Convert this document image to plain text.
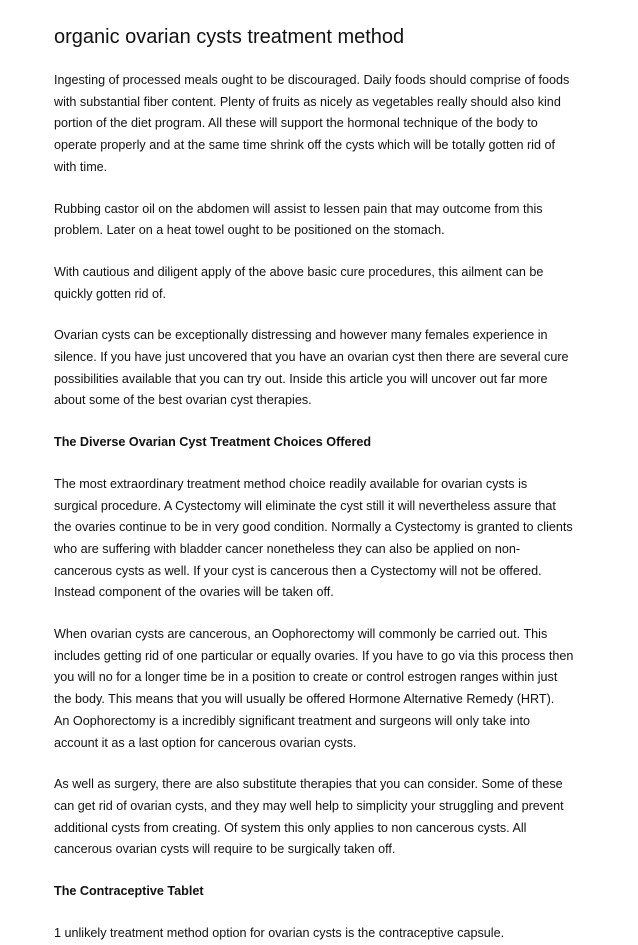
organic ovarian cysts treatment method

Ingesting of processed meals ought to be discouraged. Daily foods should comprise of foods
with substantial fiber content. Plenty of fruits as nicely as vegetables really should also kind
portion of the diet program. All these will support the hormonal technique of the body to
operate properly and at the same time shrink off the cysts which will be totally gotten rid of
with time.

Rubbing castor oil on the abdomen will assist to lessen pain that may outcome from this
problem. Later on a heat towel ought to be positioned on the stomach.

With cautious and diligent apply of the above basic cure procedures, this ailment can be
quickly gotten rid of.

Ovarian cysts can be exceptionally distressing and however many females experience in
silence. If you have just uncovered that you have an ovarian cyst then there are several cure
possibilities available that you can try out. Inside this article you will uncover out far more
about some of the best ovarian cyst therapies.

The Diverse Ovarian Cyst Treatment Choices Offered

The most extraordinary treatment method choice readily available for ovarian cysts is
surgical procedure. A Cystectomy will eliminate the cyst still it will nevertheless assure that
the ovaries continue to be in very good condition. Normally a Cystectomy is granted to clients
who are suffering with bladder cancer nonetheless they can also be applied on non-
cancerous cysts as well. If your cyst is cancerous then a Cystectomy will not be offered.
Instead component of the ovaries will be taken off.

When ovarian cysts are cancerous, an Oophorectomy will commonly be carried out. This
includes getting rid of one particular or equally ovaries. If you have to go via this process then
you will no for a longer time be in a position to create or control estrogen ranges within just
the body. This means that you will usually be offered Hormone Alternative Remedy (HRT).
An Oophorectomy is a incredibly significant treatment and surgeons will only take into
account it as a last option for cancerous ovarian cysts.

As well as surgery, there are also substitute therapies that you can consider. Some of these
can get rid of ovarian cysts, and they may well help to simplicity your struggling and prevent
additional cysts from creating. Of system this only applies to non cancerous cysts. All
cancerous ovarian cysts will require to be surgically taken off.

The Contraceptive Tablet

1 unlikely treatment method option for ovarian cysts is the contraceptive capsule.
